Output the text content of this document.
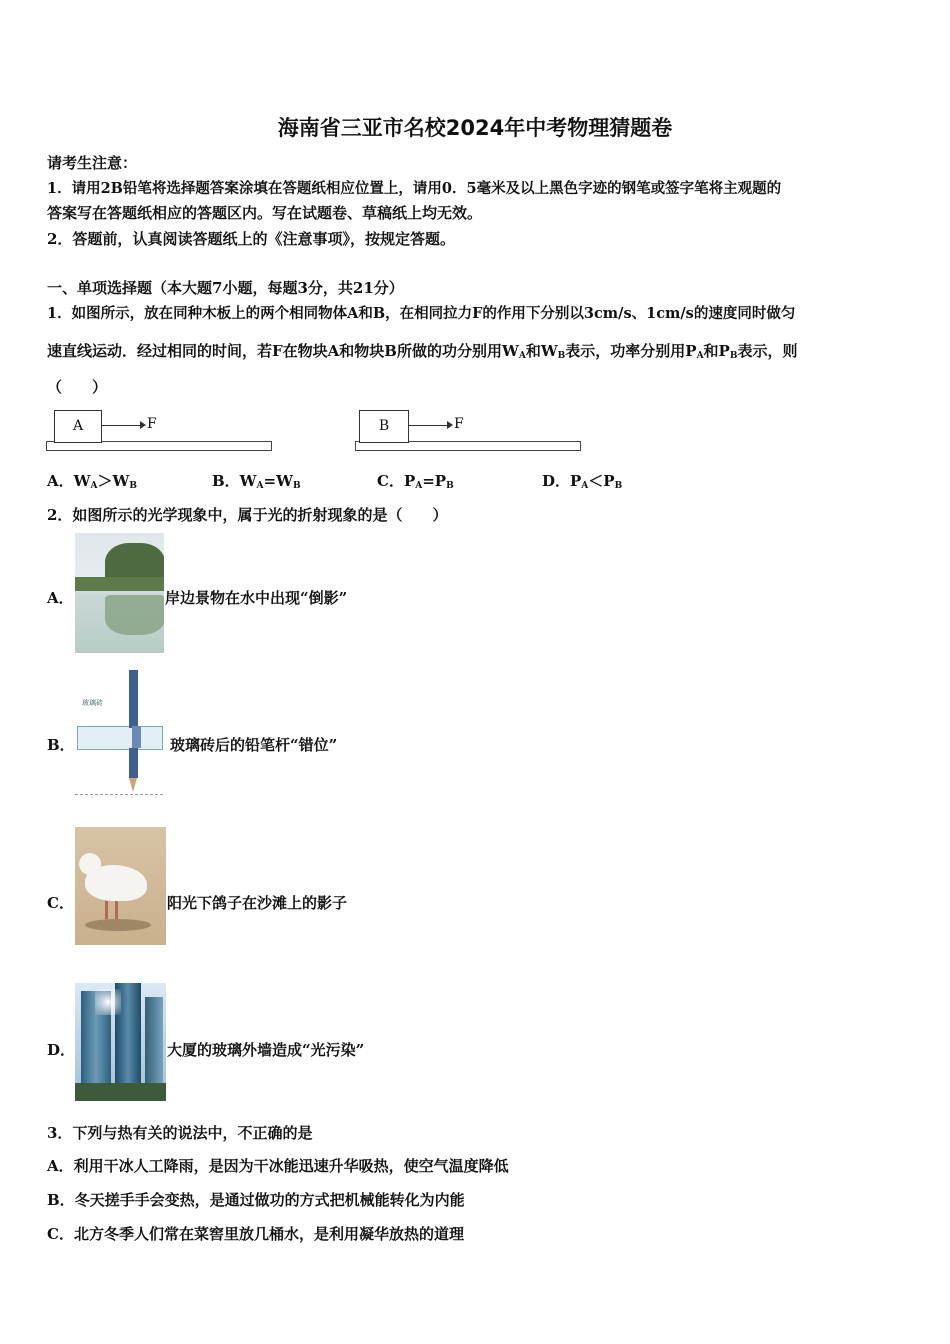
海南省三亚市名校2024年中考物理猜题卷
请考生注意：
1．请用2B铅笔将选择题答案涂填在答题纸相应位置上，请用0．5毫米及以上黑色字迹的钢笔或签字笔将主观题的
答案写在答题纸相应的答题区内。写在试题卷、草稿纸上均无效。
2．答题前，认真阅读答题纸上的《注意事项》，按规定答题。
一、单项选择题（本大题7小题，每题3分，共21分）
1．如图所示，放在同种木板上的两个相同物体A和B，在相同拉力F的作用下分别以3cm/s、1cm/s的速度同时做匀
速直线运动．经过相同的时间，若F在物块A和物块B所做的功分别用$W_A$和$W_B$表示，功率分别用$P_A$和$P_B$表示，则
（　　）
A	F	B	F
A．$W_A>W_B$	B．$W_A=W_B$	C．$P_A=P_B$	D．$P_A<P_B$
2．如图所示的光学现象中，属于光的折射现象的是（　　）
A．	岸边景物在水中出现“倒影”
B．
玻璃砖
玻璃砖后的铅笔杆“错位”
C．	阳光下鸽子在沙滩上的影子
D．	大厦的玻璃外墙造成“光污染”
3．下列与热有关的说法中，不正确的是
A．利用干冰人工降雨，是因为干冰能迅速升华吸热，使空气温度降低
B．冬天搓手手会变热，是通过做功的方式把机械能转化为内能
C．北方冬季人们常在菜窖里放几桶水，是利用凝华放热的道理
